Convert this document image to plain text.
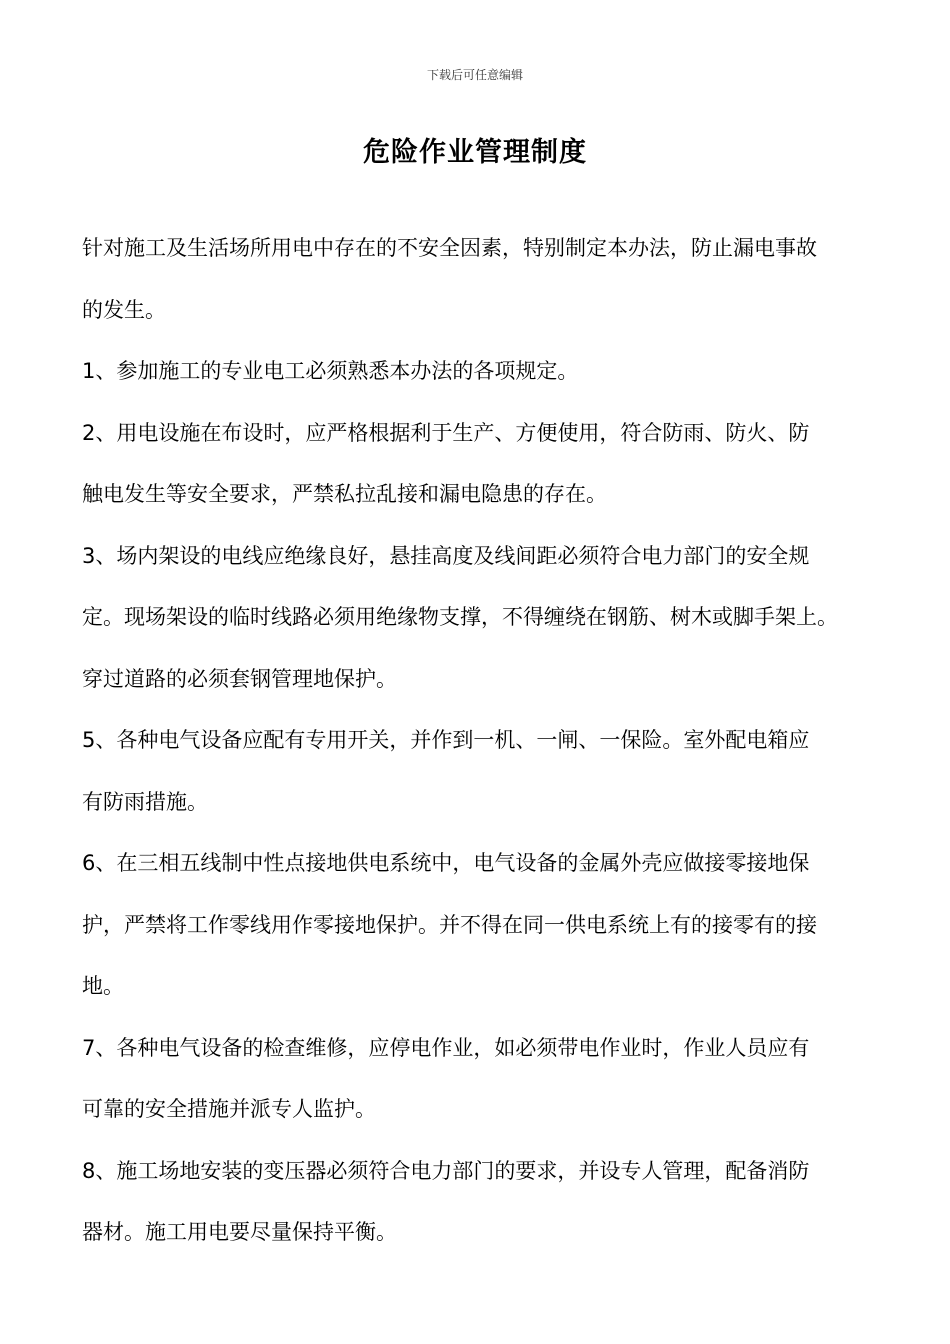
下载后可任意编辑
危险作业管理制度
针对施工及生活场所用电中存在的不安全因素，特别制定本办法，防止漏电事故
的发生。
1、参加施工的专业电工必须熟悉本办法的各项规定。
2、用电设施在布设时，应严格根据利于生产、方便使用，符合防雨、防火、防
触电发生等安全要求，严禁私拉乱接和漏电隐患的存在。
3、场内架设的电线应绝缘良好，悬挂高度及线间距必须符合电力部门的安全规
定。现场架设的临时线路必须用绝缘物支撑，不得缠绕在钢筋、树木或脚手架上。
穿过道路的必须套钢管理地保护。
5、各种电气设备应配有专用开关，并作到一机、一闸、一保险。室外配电箱应
有防雨措施。
6、在三相五线制中性点接地供电系统中，电气设备的金属外壳应做接零接地保
护，严禁将工作零线用作零接地保护。并不得在同一供电系统上有的接零有的接
地。
7、各种电气设备的检查维修，应停电作业，如必须带电作业时，作业人员应有
可靠的安全措施并派专人监护。
8、施工场地安装的变压器必须符合电力部门的要求，并设专人管理，配备消防
器材。施工用电要尽量保持平衡。
